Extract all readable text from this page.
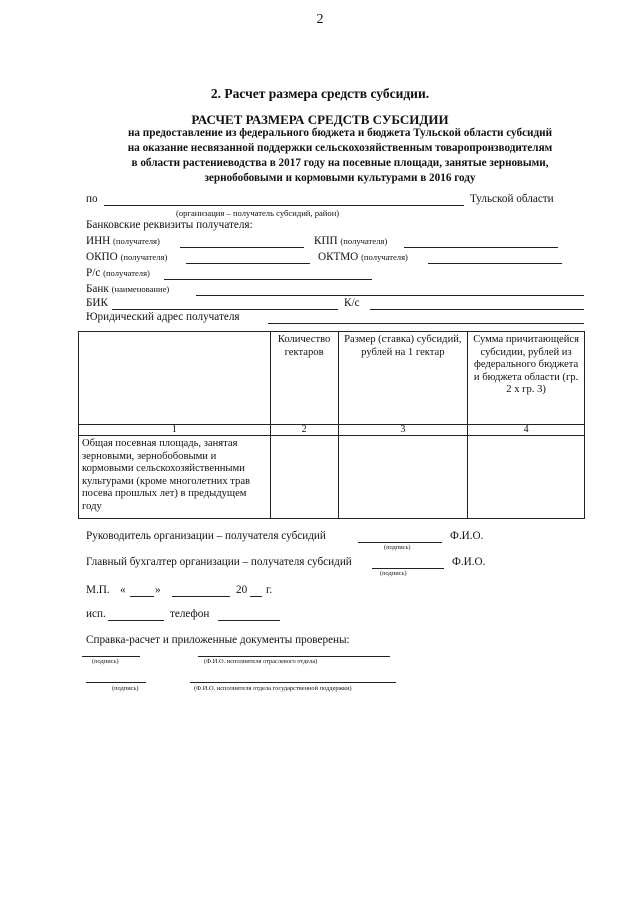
2
2. Расчет размера средств субсидии.
РАСЧЕТ РАЗМЕРА СРЕДСТВ СУБСИДИИ
на предоставление из федерального бюджета и бюджета Тульской области субсидий
на оказание несвязанной поддержки сельскохозяйственным товаропроизводителям
в области растениеводства в 2017 году на посевные площади, занятые зерновыми,
зернобобовыми и кормовыми культурами в 2016 году
по	Тульской области
(организация – получатель субсидий, район)
Банковские реквизиты получателя:
ИНН (получателя)	КПП (получателя)
ОКПО (получателя)	ОКТМО (получателя)
Р/с (получателя)
Банк (наименование)
БИК	К/с
Юридический адрес получателя
	Количество гектаров	Размер (ставка) субсидий, рублей на 1 гектар	Сумма причитающейся субсидии, рублей из федерального бюджета и бюджета области (гр. 2 х гр. 3)
1	2	3	4
Общая посевная площадь, занятая зерновыми, зернобобовыми и кормовыми сельскохозяйственными культурами (кроме многолетних трав посева прошлых лет) в предыдущем году			
Руководитель организации – получателя субсидий	Ф.И.О.
(подпись)
Главный бухгалтер организации – получателя субсидий	Ф.И.О.
(подпись)
М.П. «	»	20 г.
исп.	телефон
Справка-расчет и приложенные документы проверены:
(подпись)	(Ф.И.О. исполнителя отраслевого отдела)
(подпись)	(Ф.И.О. исполнителя отдела государственной поддержки)
